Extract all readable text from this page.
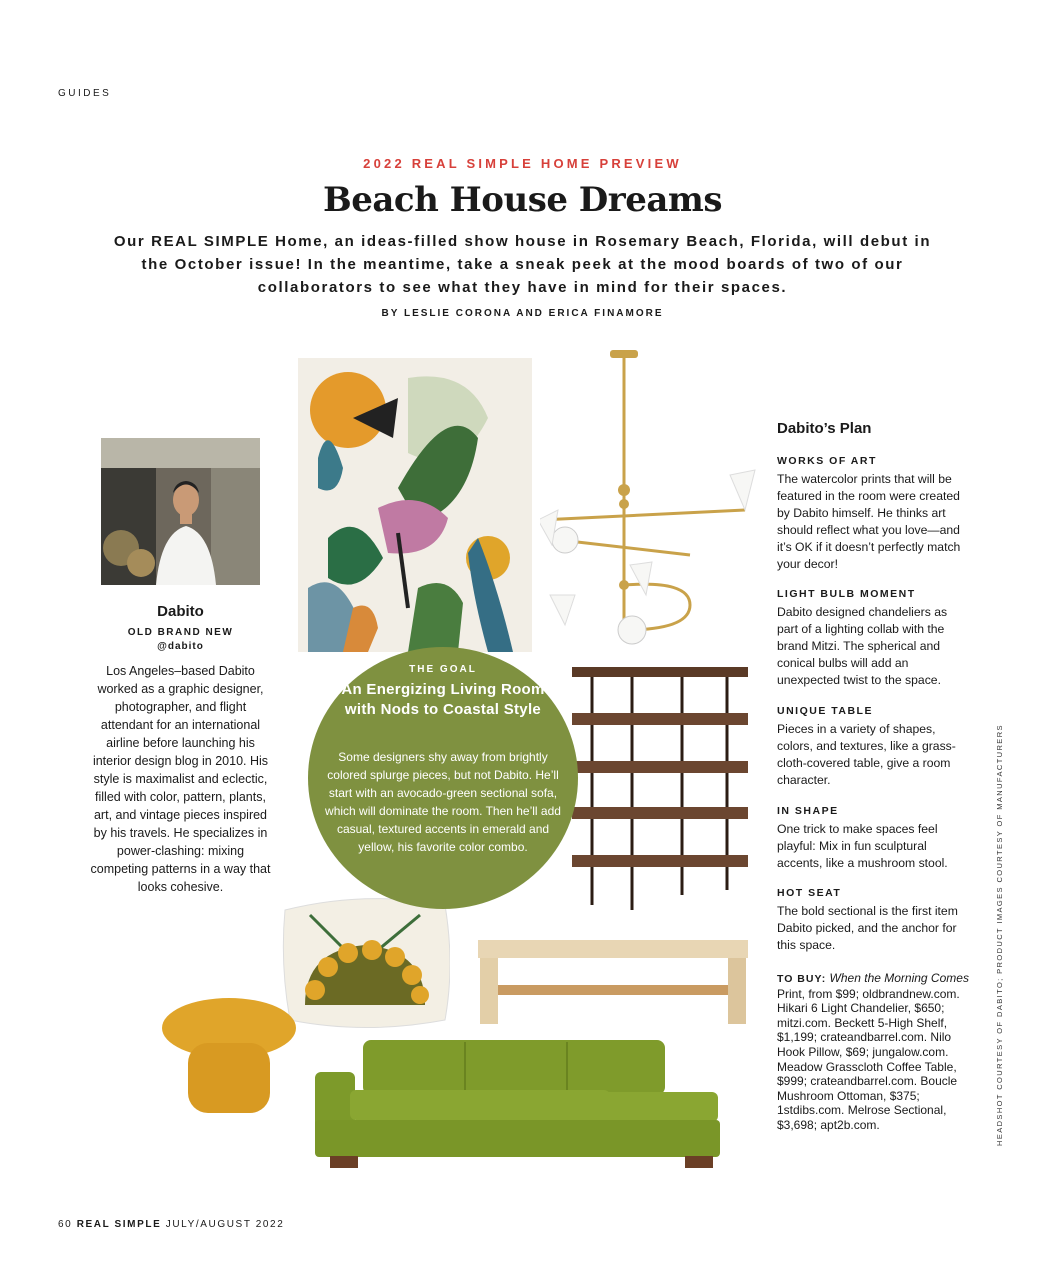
GUIDES
2022 REAL SIMPLE HOME PREVIEW
Beach House Dreams
Our REAL SIMPLE Home, an ideas-filled show house in Rosemary Beach, Florida, will debut in the October issue! In the meantime, take a sneak peek at the mood boards of two of our collaborators to see what they have in mind for their spaces.
BY LESLIE CORONA AND ERICA FINAMORE
Dabito
OLD BRAND NEW
@dabito
Los Angeles–based Dabito worked as a graphic designer, photographer, and flight attendant for an international airline before launching his interior design blog in 2010. His style is maximalist and eclectic, filled with color, pattern, plants, art, and vintage pieces inspired by his travels. He specializes in power-clashing: mixing competing patterns in a way that looks cohesive.
THE GOAL
An Energizing Living Room with Nods to Coastal Style
Some designers shy away from brightly colored splurge pieces, but not Dabito. He’ll start with an avocado-green sectional sofa, which will dominate the room. Then he’ll add casual, textured accents in emerald and yellow, his favorite color combo.
Dabito’s Plan
WORKS OF ART
The watercolor prints that will be featured in the room were created by Dabito himself. He thinks art should reflect what you love—and it’s OK if it doesn’t perfectly match your decor!
LIGHT BULB MOMENT
Dabito designed chandeliers as part of a lighting collab with the brand Mitzi. The spherical and conical bulbs will add an unexpected twist to the space.
UNIQUE TABLE
Pieces in a variety of shapes, colors, and textures, like a grass-cloth-covered table, give a room character.
IN SHAPE
One trick to make spaces feel playful: Mix in fun sculptural accents, like a mushroom stool.
HOT SEAT
The bold sectional is the first item Dabito picked, and the anchor for this space.
TO BUY: When the Morning Comes Print, from $99; oldbrandnew.com. Hikari 6 Light Chandelier, $650; mitzi.com. Beckett 5-High Shelf, $1,199; crateandbarrel.com. Nilo Hook Pillow, $69; jungalow.com. Meadow Grasscloth Coffee Table, $999; crateandbarrel.com. Boucle Mushroom Ottoman, $375; 1stdibs.com. Melrose Sectional, $3,698; apt2b.com.	HEADSHOT COURTESY OF DABITO; PRODUCT IMAGES COURTESY OF MANUFACTURERS
60 REAL SIMPLE JULY/AUGUST 2022
